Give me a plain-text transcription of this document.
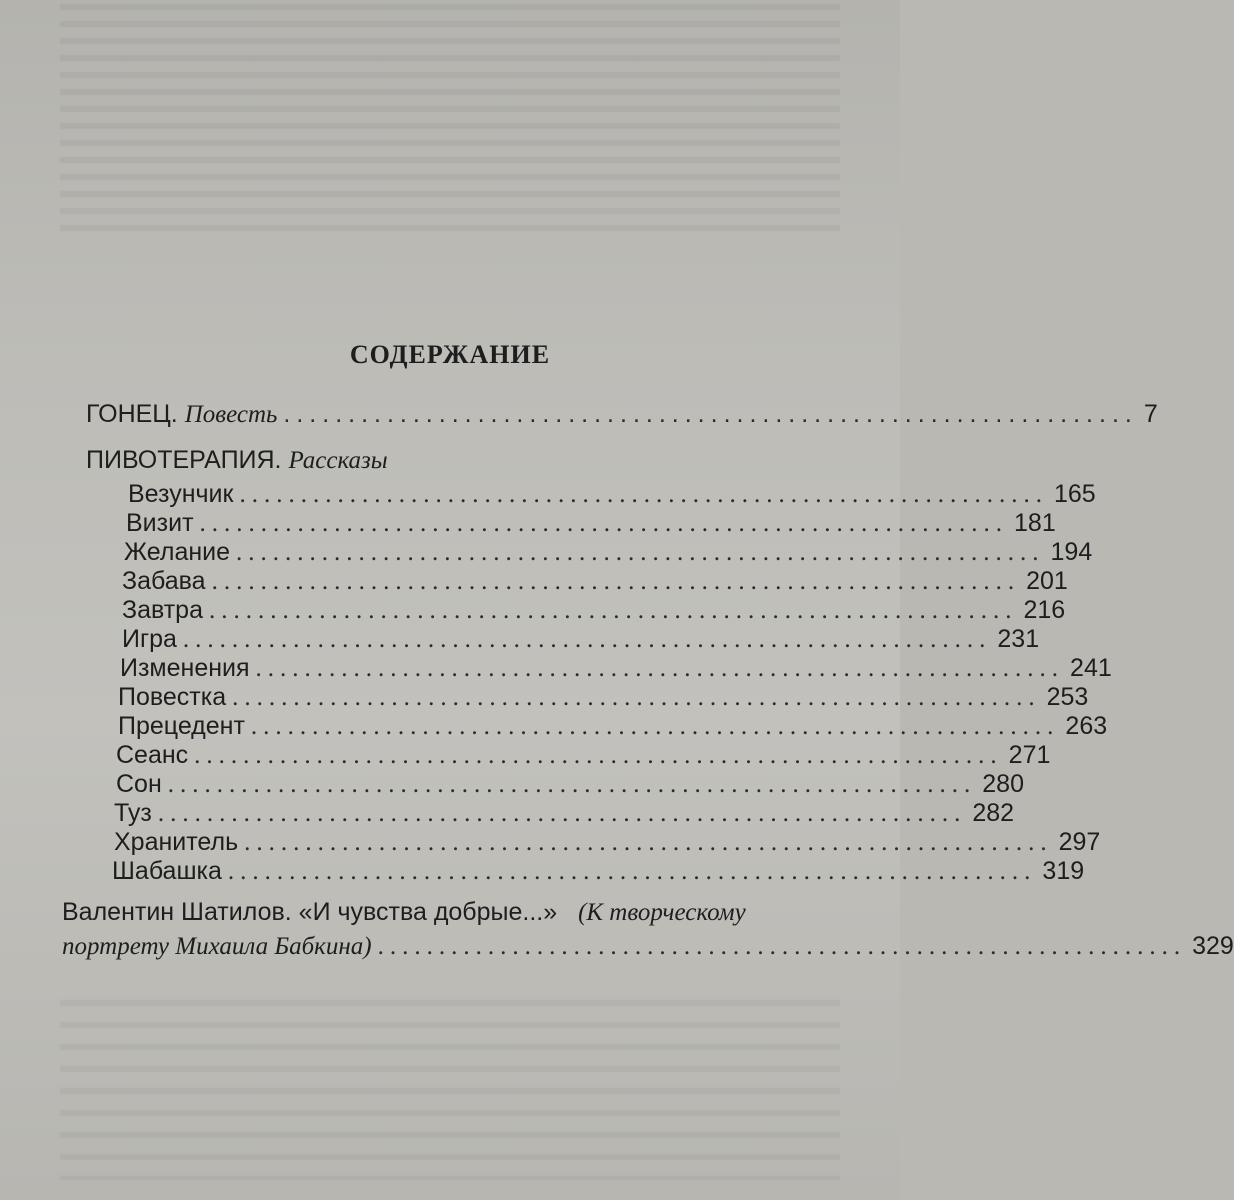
СОДЕРЖАНИЕ
ГОНЕЦ. Повесть .................................................................. 7
ПИВОТЕРАПИЯ. Рассказы
Везунчик .................................................................. 165
Визит .................................................................. 181
Желание .................................................................. 194
Забава .................................................................. 201
Завтра .................................................................. 216
Игра .................................................................. 231
Изменения .................................................................. 241
Повестка .................................................................. 253
Прецедент .................................................................. 263
Сеанс .................................................................. 271
Сон .................................................................. 280
Туз .................................................................. 282
Хранитель .................................................................. 297
Шабашка .................................................................. 319
Валентин Шатилов. «И чувства добрые...» (К творческому
портрету Михаила Бабкина) .................................................................. 329
